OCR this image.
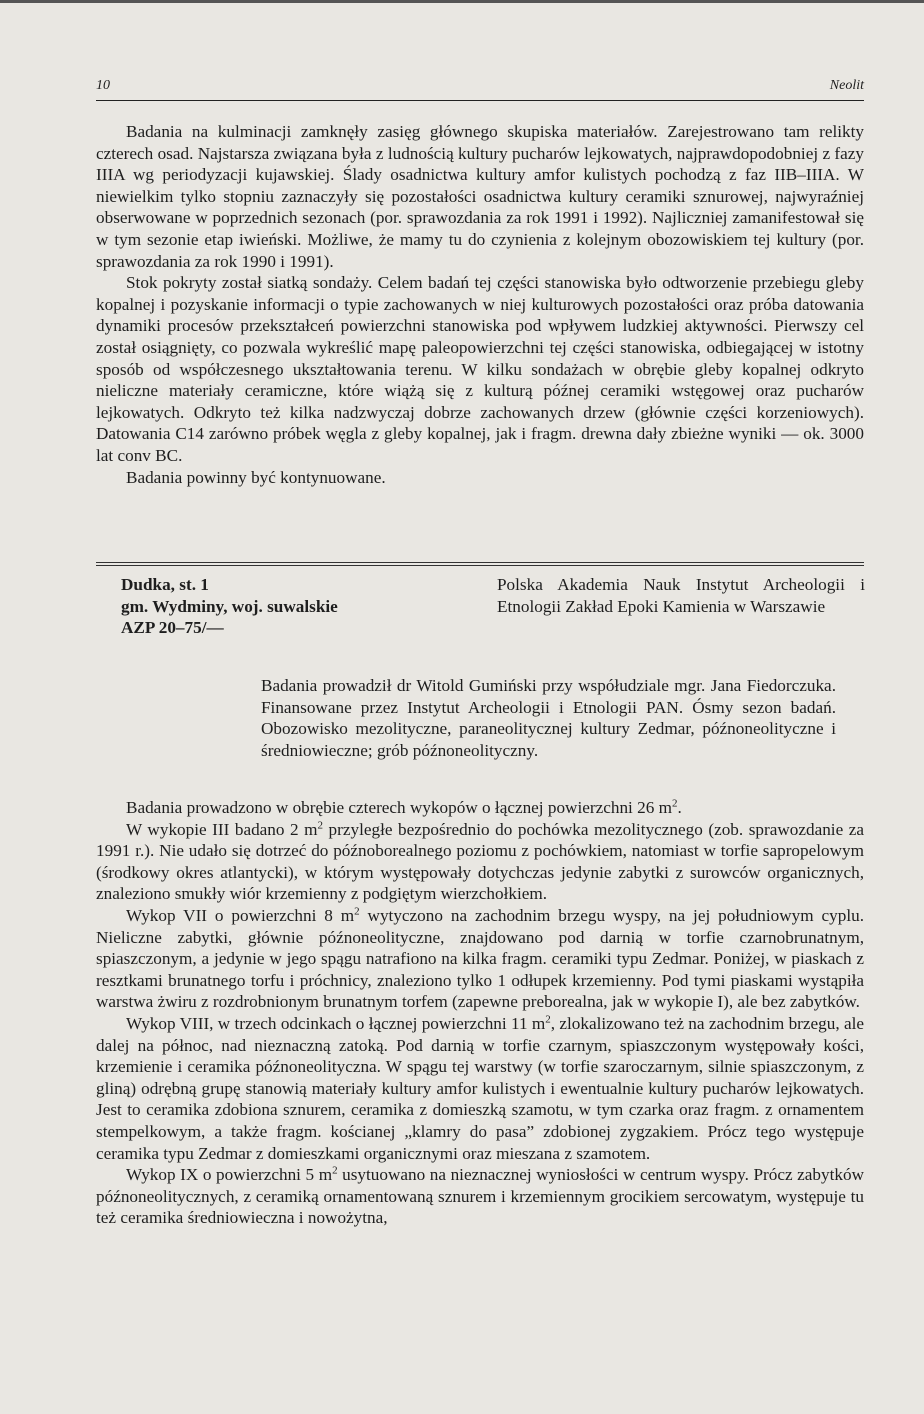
10	Neolit

Badania na kulminacji zamknęły zasięg głównego skupiska materiałów. Zarejestrowano tam relikty czterech osad. Najstarsza związana była z ludnością kultury pucharów lejkowatych, najprawdopodobniej z fazy IIIA wg periodyzacji kujawskiej. Ślady osadnictwa kultury amfor kulistych pochodzą z faz IIB–IIIA. W niewielkim tylko stopniu zaznaczyły się pozostałości osadnictwa kultury ceramiki sznurowej, najwyraźniej obserwowane w poprzednich sezonach (por. sprawozdania za rok 1991 i 1992). Najliczniej zamanifestował się w tym sezonie etap iwieński. Możliwe, że mamy tu do czynienia z kolejnym obozowiskiem tej kultury (por. sprawozdania za rok 1990 i 1991).

Stok pokryty został siatką sondaży. Celem badań tej części stanowiska było odtworzenie przebiegu gleby kopalnej i pozyskanie informacji o typie zachowanych w niej kulturowych pozostałości oraz próba datowania dynamiki procesów przekształceń powierzchni stanowiska pod wpływem ludzkiej aktywności. Pierwszy cel został osiągnięty, co pozwala wykreślić mapę paleopowierzchni tej części stanowiska, odbiegającej w istotny sposób od współczesnego ukształtowania terenu. W kilku sondażach w obrębie gleby kopalnej odkryto nieliczne materiały ceramiczne, które wiążą się z kulturą późnej ceramiki wstęgowej oraz pucharów lejkowatych. Odkryto też kilka nadzwyczaj dobrze zachowanych drzew (głównie części korzeniowych). Datowania C14 zarówno próbek węgla z gleby kopalnej, jak i fragm. drewna dały zbieżne wyniki — ok. 3000 lat conv BC.

Badania powinny być kontynuowane.

Dudka, st. 1
gm. Wydminy, woj. suwalskie
AZP 20–75/—
Polska Akademia Nauk Instytut Archeologii i Etnologii Zakład Epoki Kamienia w Warszawie
Badania prowadził dr Witold Gumiński przy współudziale mgr. Jana Fiedorczuka. Finansowane przez Instytut Archeologii i Etnologii PAN. Ósmy sezon badań. Obozowisko mezolityczne, paraneolitycznej kultury Zedmar, późnoneolityczne i średniowieczne; grób późnoneolityczny.

Badania prowadzono w obrębie czterech wykopów o łącznej powierzchni 26 $m^2$.

W wykopie III badano 2 $m^2$ przyległe bezpośrednio do pochówka mezolitycznego (zob. sprawozdanie za 1991 r.). Nie udało się dotrzeć do późnoborealnego poziomu z pochówkiem, natomiast w torfie sapropelowym (środkowy okres atlantycki), w którym występowały dotychczas jedynie zabytki z surowców organicznych, znaleziono smukły wiór krzemienny z podgiętym wierzchołkiem.

Wykop VII o powierzchni 8 $m^2$ wytyczono na zachodnim brzegu wyspy, na jej południowym cyplu. Nieliczne zabytki, głównie późnoneolityczne, znajdowano pod darnią w torfie czarnobrunatnym, spiaszczonym, a jedynie w jego spągu natrafiono na kilka fragm. ceramiki typu Zedmar. Poniżej, w piaskach z resztkami brunatnego torfu i próchnicy, znaleziono tylko 1 odłupek krzemienny. Pod tymi piaskami wystąpiła warstwa żwiru z rozdrobnionym brunatnym torfem (zapewne preborealna, jak w wykopie I), ale bez zabytków.

Wykop VIII, w trzech odcinkach o łącznej powierzchni 11 $m^2$, zlokalizowano też na zachodnim brzegu, ale dalej na północ, nad nieznaczną zatoką. Pod darnią w torfie czarnym, spiaszczonym występowały kości, krzemienie i ceramika późnoneolityczna. W spągu tej warstwy (w torfie szaroczarnym, silnie spiaszczonym, z gliną) odrębną grupę stanowią materiały kultury amfor kulistych i ewentualnie kultury pucharów lejkowatych. Jest to ceramika zdobiona sznurem, ceramika z domieszką szamotu, w tym czarka oraz fragm. z ornamentem stempelkowym, a także fragm. kościanej „klamry do pasa” zdobionej zygzakiem. Prócz tego występuje ceramika typu Zedmar z domieszkami organicznymi oraz mieszana z szamotem.

Wykop IX o powierzchni 5 $m^2$ usytuowano na nieznacznej wyniosłości w centrum wyspy. Prócz zabytków późnoneolitycznych, z ceramiką ornamentowaną sznurem i krzemiennym grocikiem sercowatym, występuje tu też ceramika średniowieczna i nowożytna,
